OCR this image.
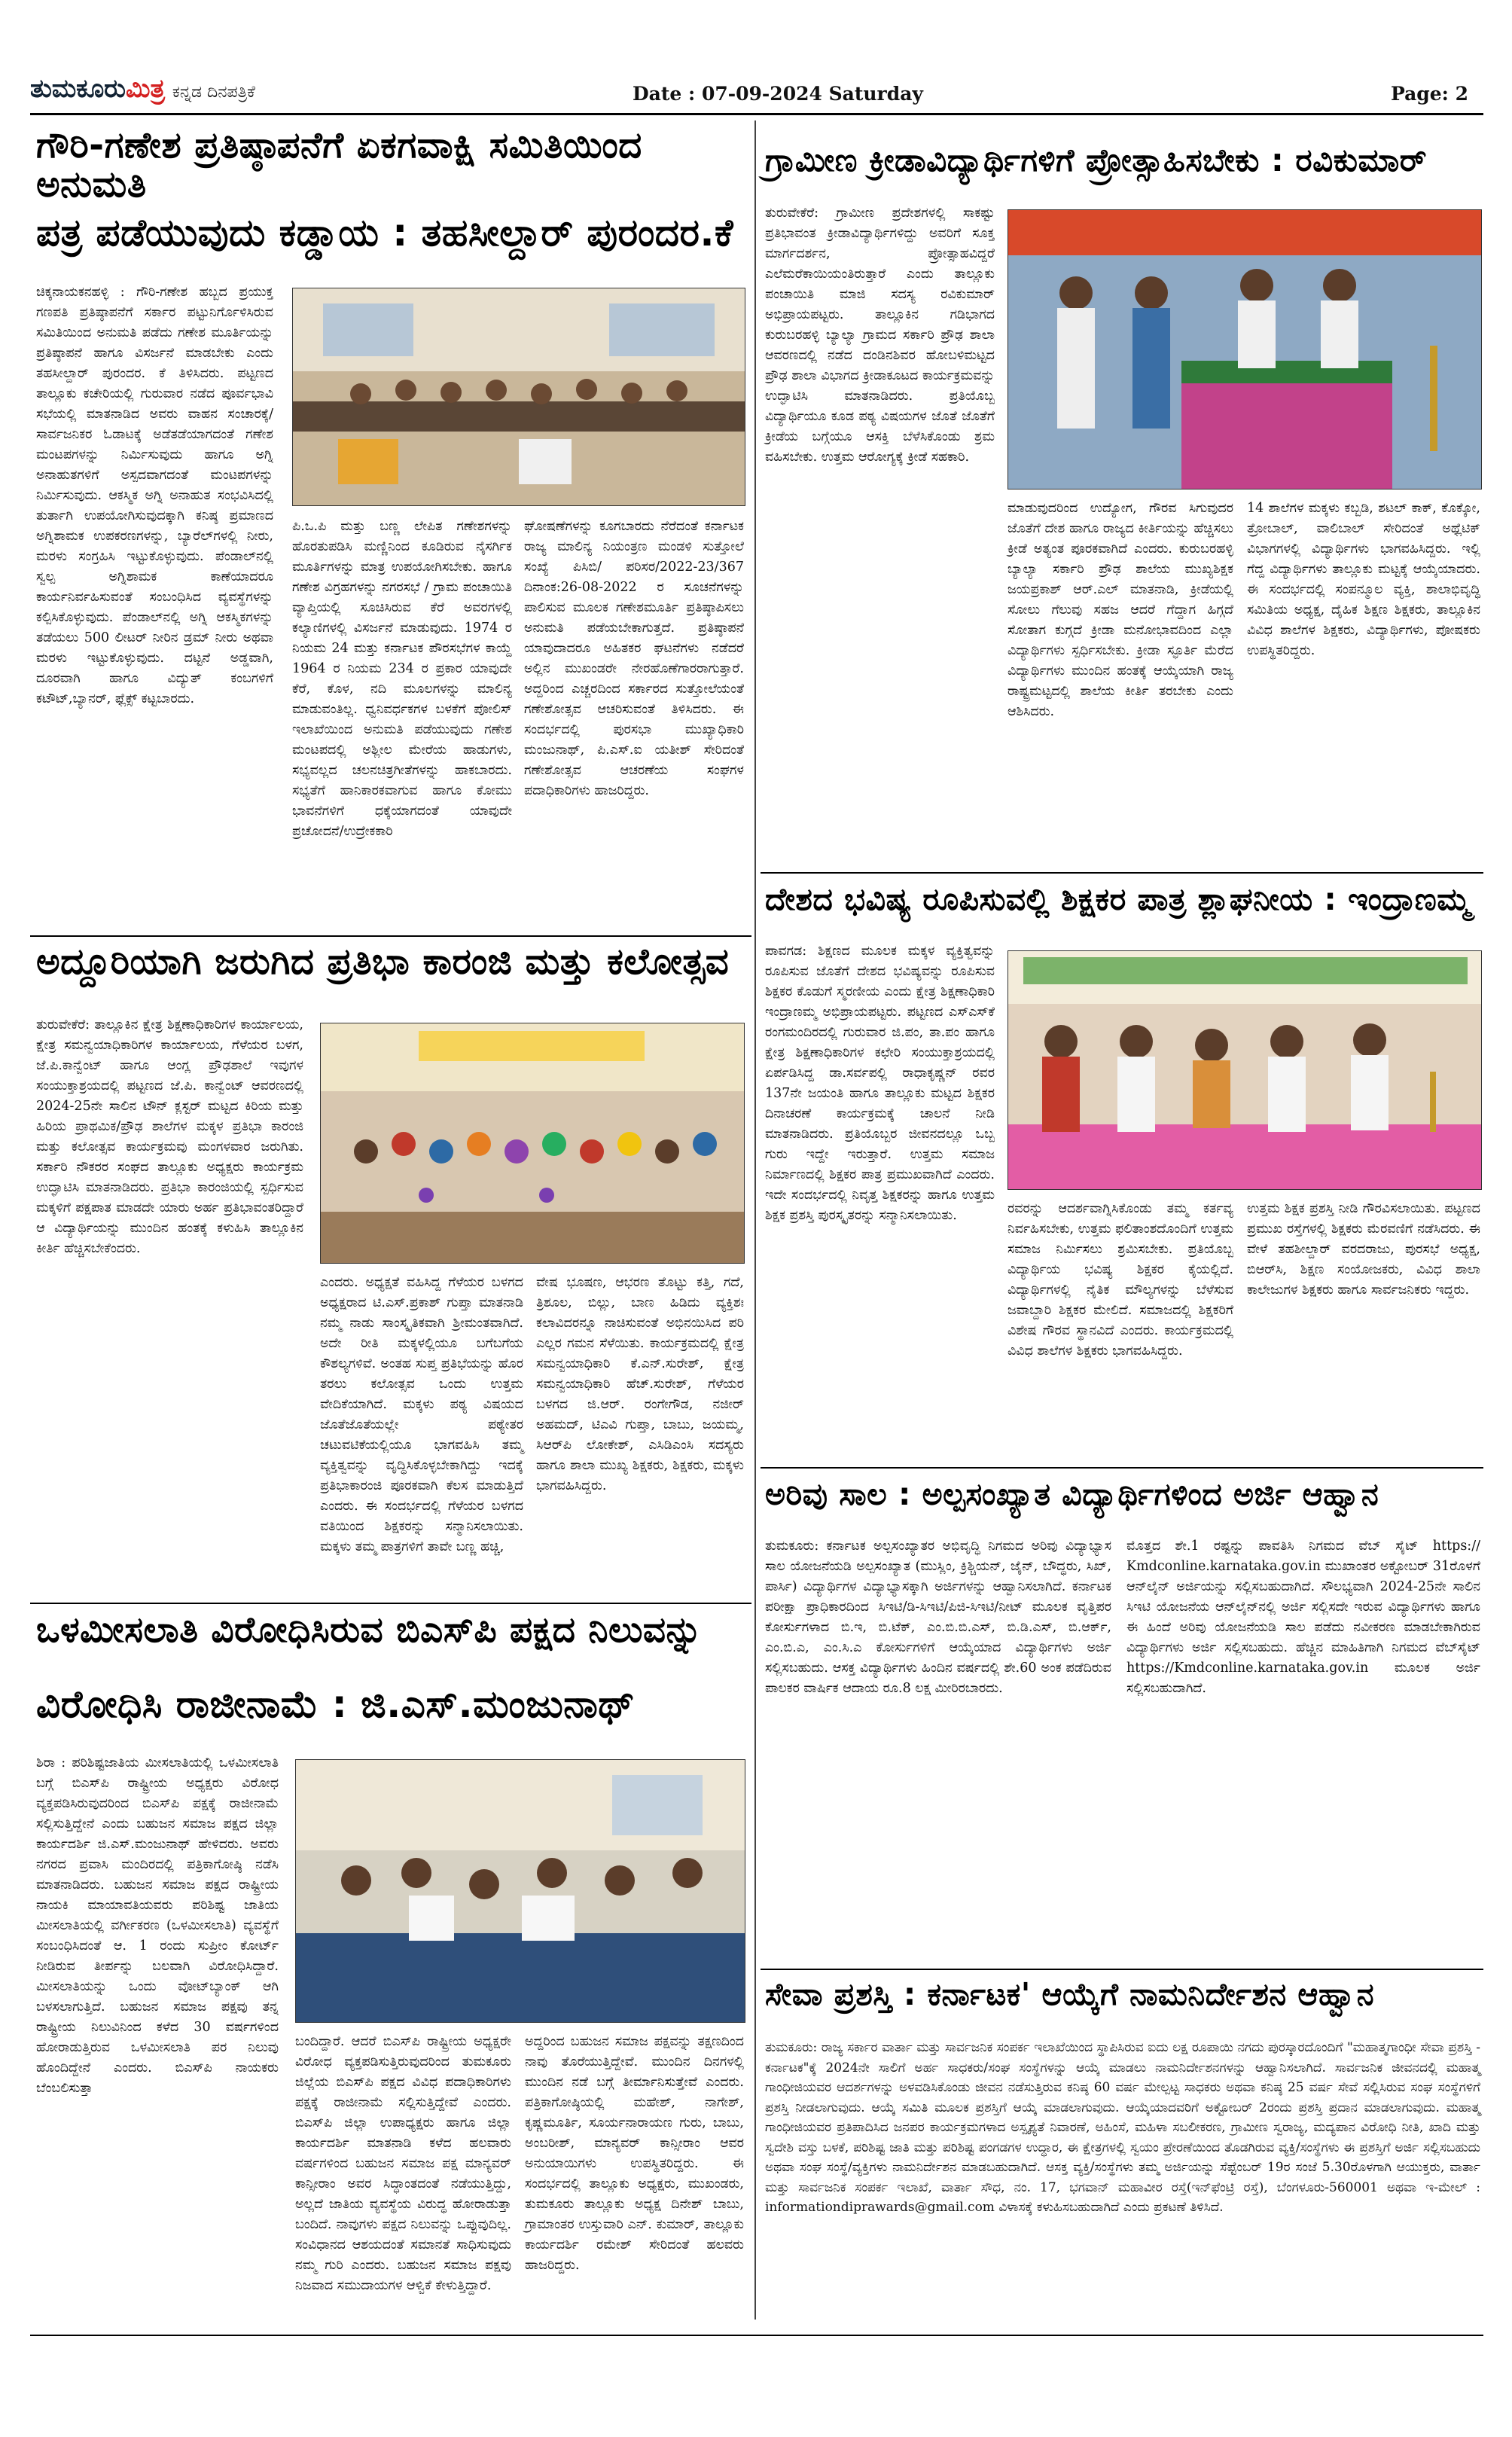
ತುಮಕೂರುಮಿತ್ರ ಕನ್ನಡ ದಿನಪತ್ರಿಕೆ	Date : 07-09-2024 Saturday	Page: 2
ಗೌರಿ-ಗಣೇಶ ಪ್ರತಿಷ್ಠಾಪನೆಗೆ ಏಕಗವಾಕ್ಷಿ ಸಮಿತಿಯಿಂದ ಅನುಮತಿ
ಪತ್ರ ಪಡೆಯುವುದು ಕಡ್ಡಾಯ : ತಹಸೀಲ್ದಾರ್ ಪುರಂದರ.ಕೆ
ಚಿಕ್ಕನಾಯಕನಹಳ್ಳಿ : ಗೌರಿ-ಗಣೇಶ ಹಬ್ಬದ ಪ್ರಯುಕ್ತ ಗಣಪತಿ ಪ್ರತಿಷ್ಠಾಪನೆಗೆ ಸರ್ಕಾರ ಪಟ್ಟುನಿರ್ಗೊಳಿಸಿರುವ ಸಮಿತಿಯಿಂದ ಅನುಮತಿ ಪಡೆದು ಗಣೇಶ ಮೂರ್ತಿಯನ್ನು ಪ್ರತಿಷ್ಠಾಪನೆ ಹಾಗೂ ವಿಸರ್ಜನೆ ಮಾಡಬೇಕು ಎಂದು ತಹಸೀಲ್ದಾರ್ ಪುರಂದರ. ಕೆ ತಿಳಿಸಿದರು. ಪಟ್ಟಣದ ತಾಲ್ಲೂಕು ಕಚೇರಿಯಲ್ಲಿ ಗುರುವಾರ ನಡೆದ ಪೂರ್ವಭಾವಿ ಸಭೆಯಲ್ಲಿ ಮಾತನಾಡಿದ ಅವರು ವಾಹನ ಸಂಚಾರಕ್ಕೆ/ಸಾರ್ವಜನಿಕರ ಓಡಾಟಕ್ಕೆ ಅಡೆತಡೆಯಾಗದಂತೆ ಗಣೇಶ ಮಂಟಪಗಳನ್ನು ನಿರ್ಮಿಸುವುದು ಹಾಗೂ ಅಗ್ನಿ ಅನಾಹುತಗಳಿಗೆ ಅಸ್ಪದವಾಗದಂತೆ ಮಂಟಪಗಳನ್ನು ನಿರ್ಮಿಸುವುದು. ಆಕಸ್ಮಿಕ ಅಗ್ನಿ ಅನಾಹುತ ಸಂಭವಿಸಿದಲ್ಲಿ ತುರ್ತಾಗಿ ಉಪಯೋಗಿಸುವುದಕ್ಕಾಗಿ ಕನಿಷ್ಠ ಪ್ರಮಾಣದ ಅಗ್ನಿಶಾಮಕ ಉಪಕರಣಗಳನ್ನು, ಬ್ಯಾರೆಲ್‌ಗಳಲ್ಲಿ ನೀರು, ಮರಳು ಸಂಗ್ರಹಿಸಿ ಇಟ್ಟುಕೊಳ್ಳುವುದು. ಪೆಂಡಾಲ್‌ನಲ್ಲಿ ಸ್ವಲ್ಪ ಅಗ್ನಿಶಾಮಕ ಕಾಣೆಯಾದರೂ ಕಾರ್ಯನಿರ್ವಹಿಸುವಂತೆ ಸಂಬಂಧಿಸಿದ ವ್ಯವಸ್ಥೆಗಳನ್ನು ಕಲ್ಪಿಸಿಕೊಳ್ಳುವುದು. ಪೆಂಡಾಲ್‌ನಲ್ಲಿ ಅಗ್ನಿ ಆಕಸ್ಮಿಕಗಳನ್ನು ತಡೆಯಲು 500 ಲೀಟರ್ ನೀರಿನ ಡ್ರಮ್ ನೀರು ಅಥವಾ ಮರಳು ಇಟ್ಟುಕೊಳ್ಳುವುದು. ದಟ್ಟನೆ ಅಡ್ಡವಾಗಿ, ದೂರವಾಗಿ ಹಾಗೂ ವಿದ್ಯುತ್ ಕಂಬಗಳಿಗೆ ಕಟೌಟ್,ಬ್ಯಾನರ್, ಫ್ಲೆಕ್ಸ್ ಕಟ್ಟಬಾರದು.
ಪಿ.ಒ.ಪಿ ಮತ್ತು ಬಣ್ಣ ಲೇಪಿತ ಗಣೇಶಗಳನ್ನು ಹೊರತುಪಡಿಸಿ ಮಣ್ಣಿನಿಂದ ಕೂಡಿರುವ ನೈಸರ್ಗಿಕ ಮೂರ್ತಿಗಳನ್ನು ಮಾತ್ರ ಉಪಯೋಗಿಸಬೇಕು. ಹಾಗೂ ಗಣೇಶ ವಿಗ್ರಹಗಳನ್ನು ನಗರಸಭೆ / ಗ್ರಾಮ ಪಂಚಾಯಿತಿ ವ್ಯಾಪ್ತಿಯಲ್ಲಿ ಸೂಚಿಸಿರುವ ಕೆರೆ ಅವರಗಳಲ್ಲಿ ಕಲ್ಯಾಣಿಗಳಲ್ಲಿ ವಿಸರ್ಜನೆ ಮಾಡುವುದು. 1974 ರ ನಿಯಮ 24 ಮತ್ತು ಕರ್ನಾಟಕ ಪೌರಸಭೆಗಳ ಕಾಯ್ದೆ 1964 ರ ನಿಯಮ 234 ರ ಪ್ರಕಾರ ಯಾವುದೇ ಕೆರೆ, ಕೊಳ, ನದಿ ಮೂಲಗಳನ್ನು ಮಾಲಿನ್ಯ ಮಾಡುವಂತಿಲ್ಲ. ಧ್ವನಿವರ್ಧಕಗಳ ಬಳಕೆಗೆ ಪೋಲಿಸ್ ಇಲಾಖೆಯಿಂದ ಅನುಮತಿ ಪಡೆಯುವುದು ಗಣೇಶ ಮಂಟಪದಲ್ಲಿ ಅಶ್ಲೀಲ ಮೇರೆಯ ಹಾಡುಗಳು, ಸಭ್ಯವಲ್ಲದ ಚಲನಚಿತ್ರಗೀತೆಗಳನ್ನು ಹಾಕಬಾರದು. ಸಭ್ಯತೆಗೆ ಹಾನಿಕಾರಕವಾಗುವ ಹಾಗೂ ಕೋಮು ಭಾವನೆಗಳಿಗೆ ಧಕ್ಕೆಯಾಗದಂತೆ ಯಾವುದೇ ಪ್ರಚೋದನೆ/ಉದ್ರೇಕಕಾರಿ
ಘೋಷಣೆಗಳನ್ನು ಕೂಗಬಾರದು ನೆರೆದಂತೆ ಕರ್ನಾಟಕ ರಾಜ್ಯ ಮಾಲಿನ್ಯ ನಿಯಂತ್ರಣ ಮಂಡಳಿ ಸುತ್ತೋಲೆ ಸಂಖ್ಯೆ ಪಿಸಿಬಿ/ ಪರಿಸರ/2022-23/367 ದಿನಾಂಕ:26-08-2022 ರ ಸೂಚನೆಗಳನ್ನು ಪಾಲಿಸುವ ಮೂಲಕ ಗಣೇಶಮೂರ್ತಿ ಪ್ರತಿಷ್ಠಾಪಿಸಲು ಅನುಮತಿ ಪಡೆಯಬೇಕಾಗುತ್ತದೆ. ಪ್ರತಿಷ್ಠಾಪನೆ ಯಾವುದಾದರೂ ಅಹಿತಕರ ಘಟನೆಗಳು ನಡೆದರೆ ಅಲ್ಲಿನ ಮುಖಂಡರೇ ನೇರಹೊಣೆಗಾರರಾಗುತ್ತಾರೆ. ಅದ್ದರಿಂದ ಎಚ್ಚರದಿಂದ ಸರ್ಕಾರದ ಸುತ್ತೋಲೆಯಂತೆ ಗಣೇಶೋತ್ಸವ ಆಚರಿಸುವಂತೆ ತಿಳಿಸಿದರು. ಈ ಸಂದರ್ಭದಲ್ಲಿ ಪುರಸಭಾ ಮುಖ್ಯಾಧಿಕಾರಿ ಮಂಜುನಾಥ್, ಪಿ.ಎಸ್.ಐ ಯತೀಶ್ ಸೇರಿದಂತೆ ಗಣೇಶೋತ್ಸವ ಆಚರಣೆಯ ಸಂಘಗಳ ಪದಾಧಿಕಾರಿಗಳು ಹಾಜರಿದ್ದರು.
ಅದ್ದೂರಿಯಾಗಿ ಜರುಗಿದ ಪ್ರತಿಭಾ ಕಾರಂಜಿ ಮತ್ತು ಕಲೋತ್ಸವ
ತುರುವೇಕೆರೆ: ತಾಲ್ಲೂಕಿನ ಕ್ಷೇತ್ರ ಶಿಕ್ಷಣಾಧಿಕಾರಿಗಳ ಕಾರ್ಯಾಲಯ, ಕ್ಷೇತ್ರ ಸಮನ್ವಯಾಧಿಕಾರಿಗಳ ಕಾರ್ಯಾಲಯ, ಗೆಳೆಯರ ಬಳಗ, ಜೆ.ಪಿ.ಕಾನ್ವೆಂಟ್ ಹಾಗೂ ಆಂಗ್ಲ ಪ್ರೌಢಶಾಲೆ ಇವುಗಳ ಸಂಯುಕ್ತಾಶ್ರಯದಲ್ಲಿ ಪಟ್ಟಣದ ಜೆ.ಪಿ. ಕಾನ್ವೆಂಟ್ ಆವರಣದಲ್ಲಿ 2024-25ನೇ ಸಾಲಿನ ಟೌನ್ ಕ್ಲಸ್ಟರ್ ಮಟ್ಟದ ಕಿರಿಯ ಮತ್ತು ಹಿರಿಯ ಪ್ರಾಥಮಿಕ/ಪ್ರೌಢ ಶಾಲೆಗಳ ಮಕ್ಕಳ ಪ್ರತಿಭಾ ಕಾರಂಜಿ ಮತ್ತು ಕಲೋತ್ಸವ ಕಾರ್ಯಕ್ರಮವು ಮಂಗಳವಾರ ಜರುಗಿತು. ಸರ್ಕಾರಿ ನೌಕರರ ಸಂಘದ ತಾಲ್ಲೂಕು ಅಧ್ಯಕ್ಷರು ಕಾರ್ಯಕ್ರಮ ಉದ್ಘಾಟಿಸಿ ಮಾತನಾಡಿದರು. ಪ್ರತಿಭಾ ಕಾರಂಜಿಯಲ್ಲಿ ಸ್ಪರ್ಧಿಸುವ ಮಕ್ಕಳಿಗೆ ಪಕ್ಷಪಾತ ಮಾಡದೇ ಯಾರು ಅರ್ಹ ಪ್ರತಿಭಾವಂತರಿದ್ದಾರೆ ಆ ವಿದ್ಯಾರ್ಥಿಯನ್ನು ಮುಂದಿನ ಹಂತಕ್ಕೆ ಕಳುಹಿಸಿ ತಾಲ್ಲೂಕಿನ ಕೀರ್ತಿ ಹೆಚ್ಚಿಸಬೇಕೆಂದರು.
ಎಂದರು. ಅಧ್ಯಕ್ಷತೆ ವಹಿಸಿದ್ದ ಗೆಳೆಯರ ಬಳಗದ ಅಧ್ಯಕ್ಷರಾದ ಟಿ.ಎಸ್.ಪ್ರಕಾಶ್ ಗುಪ್ತಾ ಮಾತನಾಡಿ ನಮ್ಮ ನಾಡು ಸಾಂಸ್ಕೃತಿಕವಾಗಿ ಶ್ರೀಮಂತವಾಗಿದೆ. ಅದೇ ರೀತಿ ಮಕ್ಕಳಲ್ಲಿಯೂ ಬಗೆಬಗೆಯ ಕೌಶಲ್ಯಗಳಿವೆ. ಅಂತಹ ಸುಪ್ತ ಪ್ರತಿಭೆಯನ್ನು ಹೊರ ತರಲು ಕಲೋತ್ಸವ ಒಂದು ಉತ್ತಮ ವೇದಿಕೆಯಾಗಿದೆ. ಮಕ್ಕಳು ಪಠ್ಯ ವಿಷಯದ ಜೊತೆಜೊತೆಯಲ್ಲೇ ಪಠ್ಯೇತರ ಚಟುವಟಿಕೆಯಲ್ಲಿಯೂ ಭಾಗವಹಿಸಿ ತಮ್ಮ ವ್ಯಕ್ತಿತ್ವವನ್ನು ವೃದ್ಧಿಸಿಕೊಳ್ಳಬೇಕಾಗಿದ್ದು ಇದಕ್ಕೆ ಪ್ರತಿಭಾಕಾರಂಜಿ ಪೂರಕವಾಗಿ ಕೆಲಸ ಮಾಡುತ್ತಿದೆ ಎಂದರು. ಈ ಸಂದರ್ಭದಲ್ಲಿ ಗೆಳೆಯರ ಬಳಗದ ವತಿಯಿಂದ ಶಿಕ್ಷಕರನ್ನು ಸನ್ಮಾನಿಸಲಾಯಿತು. ಮಕ್ಕಳು ತಮ್ಮ ಪಾತ್ರಗಳಿಗೆ ತಾವೇ ಬಣ್ಣ ಹಚ್ಚಿ,
ವೇಷ ಭೂಷಣ, ಆಭರಣ ತೊಟ್ಟು ಕತ್ತಿ, ಗದೆ, ತ್ರಿಶೂಲ, ಬಿಲ್ಲು, ಬಾಣ ಹಿಡಿದು ವ್ಯಕ್ತಿಶಃ ಕಲಾವಿದರನ್ನೂ ನಾಚಿಸುವಂತೆ ಅಭಿನಯಿಸಿದ ಪರಿ ಎಲ್ಲರ ಗಮನ ಸೆಳೆಯಿತು. ಕಾರ್ಯಕ್ರಮದಲ್ಲಿ ಕ್ಷೇತ್ರ ಸಮನ್ವಯಾಧಿಕಾರಿ ಕೆ.ಎನ್.ಸುರೇಶ್, ಕ್ಷೇತ್ರ ಸಮನ್ವಯಾಧಿಕಾರಿ ಹೆಚ್.ಸುರೇಶ್, ಗೆಳೆಯರ ಬಳಗದ ಜಿ.ಆರ್. ರಂಗೇಗೌಡ, ನಜೀರ್ ಅಹಮದ್, ಟಿಎವಿ ಗುಪ್ತಾ, ಬಾಬು, ಜಯಮ್ಮ, ಸಿಆರ್‌ಪಿ ಲೋಕೇಶ್, ಎಸಿಡಿಎಂಸಿ ಸದಸ್ಯರು ಹಾಗೂ ಶಾಲಾ ಮುಖ್ಯ ಶಿಕ್ಷಕರು, ಶಿಕ್ಷಕರು, ಮಕ್ಕಳು ಭಾಗವಹಿಸಿದ್ದರು.
ಒಳಮೀಸಲಾತಿ ವಿರೋಧಿಸಿರುವ ಬಿಎಸ್‌ಪಿ ಪಕ್ಷದ ನಿಲುವನ್ನು
ವಿರೋಧಿಸಿ ರಾಜೀನಾಮೆ : ಜಿ.ಎಸ್.ಮಂಜುನಾಥ್
ಶಿರಾ : ಪರಿಶಿಷ್ಟಜಾತಿಯ ಮೀಸಲಾತಿಯಲ್ಲಿ ಒಳಮೀಸಲಾತಿ ಬಗ್ಗೆ ಬಿಎಸ್‌ಪಿ ರಾಷ್ಟ್ರೀಯ ಅಧ್ಯಕ್ಷರು ವಿರೋಧ ವ್ಯಕ್ತಪಡಿಸಿರುವುದರಿಂದ ಬಿಎಸ್‌ಪಿ ಪಕ್ಷಕ್ಕೆ ರಾಜೀನಾಮೆ ಸಲ್ಲಿಸುತ್ತಿದ್ದೇನೆ ಎಂದು ಬಹುಜನ ಸಮಾಜ ಪಕ್ಷದ ಜಿಲ್ಲಾ ಕಾರ್ಯದರ್ಶಿ ಜಿ.ಎಸ್.ಮಂಜುನಾಥ್ ಹೇಳಿದರು. ಅವರು ನಗರದ ಪ್ರವಾಸಿ ಮಂದಿರದಲ್ಲಿ ಪತ್ರಿಕಾಗೋಷ್ಠಿ ನಡೆಸಿ ಮಾತನಾಡಿದರು. ಬಹುಜನ ಸಮಾಜ ಪಕ್ಷದ ರಾಷ್ಟ್ರೀಯ ನಾಯಕಿ ಮಾಯಾವತಿಯವರು ಪರಿಶಿಷ್ಟ ಜಾತಿಯ ಮೀಸಲಾತಿಯಲ್ಲಿ ವರ್ಗೀಕರಣ (ಒಳಮೀಸಲಾತಿ) ವ್ಯವಸ್ಥೆಗೆ ಸಂಬಂಧಿಸಿದಂತೆ ಆ. 1 ರಂದು ಸುಪ್ರೀಂ ಕೋರ್ಟ್ ನೀಡಿರುವ ತೀರ್ಪನ್ನು ಬಲವಾಗಿ ವಿರೋಧಿಸಿದ್ದಾರೆ. ಮೀಸಲಾತಿಯನ್ನು ಒಂದು ವೋಟ್‌ಬ್ಯಾಂಕ್ ಆಗಿ ಬಳಸಲಾಗುತ್ತಿದೆ. ಬಹುಜನ ಸಮಾಜ ಪಕ್ಷವು ತನ್ನ ರಾಷ್ಟ್ರೀಯ ನಿಲುವಿನಿಂದ ಕಳೆದ 30 ವರ್ಷಗಳಿಂದ ಹೋರಾಡುತ್ತಿರುವ ಒಳಮೀಸಲಾತಿ ಪರ ನಿಲುವು ಹೊಂದಿದ್ದೇನೆ ಎಂದರು. ಬಿಎಸ್‌ಪಿ ನಾಯಕರು ಬೆಂಬಲಿಸುತ್ತಾ
ಬಂದಿದ್ದಾರೆ. ಆದರೆ ಬಿಎಸ್‌ಪಿ ರಾಷ್ಟ್ರೀಯ ಅಧ್ಯಕ್ಷರೇ ವಿರೋಧ ವ್ಯಕ್ತಪಡಿಸುತ್ತಿರುವುದರಿಂದ ತುಮಕೂರು ಜಿಲ್ಲೆಯ ಬಿಎಸ್‌ಪಿ ಪಕ್ಷದ ವಿವಿಧ ಪದಾಧಿಕಾರಿಗಳು ಪಕ್ಷಕ್ಕೆ ರಾಜೀನಾಮೆ ಸಲ್ಲಿಸುತ್ತಿದ್ದೇವೆ ಎಂದರು. ಬಿಎಸ್‌ಪಿ ಜಿಲ್ಲಾ ಉಪಾಧ್ಯಕ್ಷರು ಹಾಗೂ ಜಿಲ್ಲಾ ಕಾರ್ಯದರ್ಶಿ ಮಾತನಾಡಿ ಕಳೆದ ಹಲವಾರು ವರ್ಷಗಳಿಂದ ಬಹುಜನ ಸಮಾಜ ಪಕ್ಷ ಮಾನ್ಯವರ್ ಕಾನ್ಸೀರಾಂ ಅವರ ಸಿದ್ಧಾಂತದಂತೆ ನಡೆಯುತ್ತಿದ್ದು, ಅಲ್ಲದೆ ಜಾತಿಯ ವ್ಯವಸ್ಥೆಯ ವಿರುದ್ಧ ಹೋರಾಡುತ್ತಾ ಬಂದಿದೆ. ನಾವುಗಳು ಪಕ್ಷದ ನಿಲುವನ್ನು ಒಪ್ಪುವುದಿಲ್ಲ. ಸಂವಿಧಾನದ ಆಶಯದಂತೆ ಸಮಾನತೆ ಸಾಧಿಸುವುದು ನಮ್ಮ ಗುರಿ ಎಂದರು. ಬಹುಜನ ಸಮಾಜ ಪಕ್ಷವು ನಿಜವಾದ ಸಮುದಾಯಗಳ ಆಳ್ವಿಕೆ ಕೇಳುತ್ತಿದ್ದಾರೆ.
ಅದ್ದರಿಂದ ಬಹುಜನ ಸಮಾಜ ಪಕ್ಷವನ್ನು ತಕ್ಷಣದಿಂದ ನಾವು ತೊರೆಯುತ್ತಿದ್ದೇವೆ. ಮುಂದಿನ ದಿನಗಳಲ್ಲಿ ಮುಂದಿನ ನಡೆ ಬಗ್ಗೆ ತೀರ್ಮಾನಿಸುತ್ತೇವೆ ಎಂದರು. ಪತ್ರಿಕಾಗೋಷ್ಠಿಯಲ್ಲಿ ಮಹೇಶ್, ನಾಗೇಶ್, ಕೃಷ್ಣಮೂರ್ತಿ, ಸೂರ್ಯನಾರಾಯಣ ಗುರು, ಬಾಬು, ಅಂಬರೀಶ್, ಮಾನ್ಯವರ್ ಕಾನ್ಸೀರಾಂ ಆವರ ಅನುಯಾಯಿಗಳು ಉಪಸ್ಥಿತರಿದ್ದರು. ಈ ಸಂದರ್ಭದಲ್ಲಿ ತಾಲ್ಲೂಕು ಅಧ್ಯಕ್ಷರು, ಮುಖಂಡರು, ತುಮಕೂರು ತಾಲ್ಲೂಕು ಅಧ್ಯಕ್ಷ ದಿನೇಶ್ ಬಾಬು, ಗ್ರಾಮಾಂತರ ಉಸ್ತುವಾರಿ ಎನ್. ಕುಮಾರ್, ತಾಲ್ಲೂಕು ಕಾರ್ಯದರ್ಶಿ ರಮೇಶ್ ಸೇರಿದಂತೆ ಹಲವರು ಹಾಜರಿದ್ದರು.
ಗ್ರಾಮೀಣ ಕ್ರೀಡಾವಿದ್ಯಾರ್ಥಿಗಳಿಗೆ ಪ್ರೋತ್ಸಾಹಿಸಬೇಕು : ರವಿಕುಮಾರ್
ತುರುವೇಕೆರೆ: ಗ್ರಾಮೀಣ ಪ್ರದೇಶಗಳಲ್ಲಿ ಸಾಕಷ್ಟು ಪ್ರತಿಭಾವಂತ ಕ್ರೀಡಾವಿದ್ಯಾರ್ಥಿಗಳಿದ್ದು ಅವರಿಗೆ ಸೂಕ್ತ ಮಾರ್ಗದರ್ಶನ, ಪ್ರೋತ್ಸಾಹವಿದ್ದರೆ ಎಲೆಮರೆಕಾಯಿಯಂತಿರುತ್ತಾರೆ ಎಂದು ತಾಲ್ಲೂಕು ಪಂಚಾಯಿತಿ ಮಾಜಿ ಸದಸ್ಯ ರವಿಕುಮಾರ್ ಅಭಿಪ್ರಾಯಪಟ್ಟರು. ತಾಲ್ಲೂಕಿನ ಗಡಿಭಾಗದ ಕುರುಬರಹಳ್ಳಿ ಬ್ಯಾಲ್ಯಾ ಗ್ರಾಮದ ಸರ್ಕಾರಿ ಪ್ರೌಢ ಶಾಲಾ ಆವರಣದಲ್ಲಿ ನಡೆದ ದಂಡಿನಶಿವರ ಹೋಬಳಿಮಟ್ಟದ ಪ್ರೌಢ ಶಾಲಾ ವಿಭಾಗದ ಕ್ರೀಡಾಕೂಟದ ಕಾರ್ಯಕ್ರಮವನ್ನು ಉದ್ಘಾಟಿಸಿ ಮಾತನಾಡಿದರು. ಪ್ರತಿಯೊಬ್ಬ ವಿದ್ಯಾರ್ಥಿಯೂ ಕೂಡ ಪಠ್ಯ ವಿಷಯಗಳ ಜೊತೆ ಜೊತೆಗೆ ಕ್ರೀಡೆಯ ಬಗ್ಗೆಯೂ ಆಸಕ್ತಿ ಬೆಳೆಸಿಕೊಂಡು ಶ್ರಮ ವಹಿಸಬೇಕು. ಉತ್ತಮ ಆರೋಗ್ಯಕ್ಕೆ ಕ್ರೀಡೆ ಸಹಕಾರಿ.
ಮಾಡುವುದರಿಂದ ಉದ್ಯೋಗ, ಗೌರವ ಸಿಗುವುದರ ಜೊತೆಗೆ ದೇಶ ಹಾಗೂ ರಾಜ್ಯದ ಕೀರ್ತಿಯನ್ನು ಹೆಚ್ಚಿಸಲು ಕ್ರೀಡೆ ಅತ್ಯಂತ ಪೂರಕವಾಗಿದೆ ಎಂದರು. ಕುರುಬರಹಳ್ಳಿ ಬ್ಯಾಲ್ಯಾ ಸರ್ಕಾರಿ ಪ್ರೌಢ ಶಾಲೆಯ ಮುಖ್ಯಶಿಕ್ಷಕ ಜಯಪ್ರಕಾಶ್ ಆರ್.ಎಲ್ ಮಾತನಾಡಿ, ಕ್ರೀಡೆಯಲ್ಲಿ ಸೋಲು ಗೆಲುವು ಸಹಜ ಆದರೆ ಗೆದ್ದಾಗ ಹಿಗ್ಗದೆ ಸೋತಾಗ ಕುಗ್ಗದೆ ಕ್ರೀಡಾ ಮನೋಭಾವದಿಂದ ಎಲ್ಲಾ ವಿದ್ಯಾರ್ಥಿಗಳು ಸ್ಪರ್ಧಿಸಬೇಕು. ಕ್ರೀಡಾ ಸ್ಫೂರ್ತಿ ಮೆರೆದ ವಿದ್ಯಾರ್ಥಿಗಳು ಮುಂದಿನ ಹಂತಕ್ಕೆ ಆಯ್ಕೆಯಾಗಿ ರಾಜ್ಯ ರಾಷ್ಟ್ರಮಟ್ಟದಲ್ಲಿ ಶಾಲೆಯ ಕೀರ್ತಿ ತರಬೇಕು ಎಂದು ಆಶಿಸಿದರು.
14 ಶಾಲೆಗಳ ಮಕ್ಕಳು ಕಬ್ಬಡಿ, ಶಟಲ್ ಕಾಕ್, ಕೊಕ್ಕೋ, ತ್ರೋಬಾಲ್, ವಾಲಿಬಾಲ್ ಸೇರಿದಂತೆ ಅಥ್ಲೆಟಿಕ್ ವಿಭಾಗಗಳಲ್ಲಿ ವಿದ್ಯಾರ್ಥಿಗಳು ಭಾಗವಹಿಸಿದ್ದರು. ಇಲ್ಲಿ ಗೆದ್ದ ವಿದ್ಯಾರ್ಥಿಗಳು ತಾಲ್ಲೂಕು ಮಟ್ಟಕ್ಕೆ ಆಯ್ಕೆಯಾದರು. ಈ ಸಂದರ್ಭದಲ್ಲಿ ಸಂಪನ್ಮೂಲ ವ್ಯಕ್ತಿ, ಶಾಲಾಭಿವೃದ್ಧಿ ಸಮಿತಿಯ ಅಧ್ಯಕ್ಷ, ದೈಹಿಕ ಶಿಕ್ಷಣ ಶಿಕ್ಷಕರು, ತಾಲ್ಲೂಕಿನ ವಿವಿಧ ಶಾಲೆಗಳ ಶಿಕ್ಷಕರು, ವಿದ್ಯಾರ್ಥಿಗಳು, ಪೋಷಕರು ಉಪಸ್ಥಿತರಿದ್ದರು.
ದೇಶದ ಭವಿಷ್ಯ ರೂಪಿಸುವಲ್ಲಿ ಶಿಕ್ಷಕರ ಪಾತ್ರ ಶ್ಲಾಘನೀಯ : ಇಂದ್ರಾಣಮ್ಮ
ಪಾವಗಡ: ಶಿಕ್ಷಣದ ಮೂಲಕ ಮಕ್ಕಳ ವ್ಯಕ್ತಿತ್ವವನ್ನು ರೂಪಿಸುವ ಜೊತೆಗೆ ದೇಶದ ಭವಿಷ್ಯವನ್ನು ರೂಪಿಸುವ ಶಿಕ್ಷಕರ ಕೊಡುಗೆ ಸ್ಮರಣೀಯ ಎಂದು ಕ್ಷೇತ್ರ ಶಿಕ್ಷಣಾಧಿಕಾರಿ ಇಂದ್ರಾಣಮ್ಮ ಅಭಿಪ್ರಾಯಪಟ್ಟರು. ಪಟ್ಟಣದ ಎಸ್‌ಎಸ್‌ಕೆ ರಂಗಮಂದಿರದಲ್ಲಿ ಗುರುವಾರ ಜಿ.ಪಂ, ತಾ.ಪಂ ಹಾಗೂ ಕ್ಷೇತ್ರ ಶಿಕ್ಷಣಾಧಿಕಾರಿಗಳ ಕಛೇರಿ ಸಂಯುಕ್ತಾಶ್ರಯದಲ್ಲಿ ಏರ್ಪಡಿಸಿದ್ದ ಡಾ.ಸರ್ವಪಲ್ಲಿ ರಾಧಾಕೃಷ್ಣನ್ ರವರ 137ನೇ ಜಯಂತಿ ಹಾಗೂ ತಾಲ್ಲೂಕು ಮಟ್ಟದ ಶಿಕ್ಷಕರ ದಿನಾಚರಣೆ ಕಾರ್ಯಕ್ರಮಕ್ಕೆ ಚಾಲನೆ ನೀಡಿ ಮಾತನಾಡಿದರು. ಪ್ರತಿಯೊಬ್ಬರ ಜೀವನದಲ್ಲೂ ಒಬ್ಬ ಗುರು ಇದ್ದೇ ಇರುತ್ತಾರೆ. ಉತ್ತಮ ಸಮಾಜ ನಿರ್ಮಾಣದಲ್ಲಿ ಶಿಕ್ಷಕರ ಪಾತ್ರ ಪ್ರಮುಖವಾಗಿದೆ ಎಂದರು. ಇದೇ ಸಂದರ್ಭದಲ್ಲಿ ನಿವೃತ್ತ ಶಿಕ್ಷಕರನ್ನು ಹಾಗೂ ಉತ್ತಮ ಶಿಕ್ಷಕ ಪ್ರಶಸ್ತಿ ಪುರಸ್ಕೃತರನ್ನು ಸನ್ಮಾನಿಸಲಾಯಿತು.	ರವರನ್ನು ಆದರ್ಶವಾಗ್ನಿಸಿಕೊಂಡು ತಮ್ಮ ಕರ್ತವ್ಯ ನಿರ್ವಹಿಸಬೇಕು, ಉತ್ತಮ ಫಲಿತಾಂಶದೊಂದಿಗೆ ಉತ್ತಮ ಸಮಾಜ ನಿರ್ಮಿಸಲು ಶ್ರಮಿಸಬೇಕು. ಪ್ರತಿಯೊಬ್ಬ ವಿದ್ಯಾರ್ಥಿಯ ಭವಿಷ್ಯ ಶಿಕ್ಷಕರ ಕೈಯಲ್ಲಿದೆ. ವಿದ್ಯಾರ್ಥಿಗಳಲ್ಲಿ ನೈತಿಕ ಮೌಲ್ಯಗಳನ್ನು ಬೆಳೆಸುವ ಜವಾಬ್ದಾರಿ ಶಿಕ್ಷಕರ ಮೇಲಿದೆ. ಸಮಾಜದಲ್ಲಿ ಶಿಕ್ಷಕರಿಗೆ ವಿಶೇಷ ಗೌರವ ಸ್ಥಾನವಿದೆ ಎಂದರು. ಕಾರ್ಯಕ್ರಮದಲ್ಲಿ ವಿವಿಧ ಶಾಲೆಗಳ ಶಿಕ್ಷಕರು ಭಾಗವಹಿಸಿದ್ದರು.
ಉತ್ತಮ ಶಿಕ್ಷಕ ಪ್ರಶಸ್ತಿ ನೀಡಿ ಗೌರವಿಸಲಾಯಿತು. ಪಟ್ಟಣದ ಪ್ರಮುಖ ರಸ್ತೆಗಳಲ್ಲಿ ಶಿಕ್ಷಕರು ಮೆರವಣಿಗೆ ನಡೆಸಿದರು. ಈ ವೇಳೆ ತಹಶೀಲ್ದಾರ್ ವರದರಾಜು, ಪುರಸಭೆ ಅಧ್ಯಕ್ಷ, ಬಿಆರ್‌ಸಿ, ಶಿಕ್ಷಣ ಸಂಯೋಜಕರು, ವಿವಿಧ ಶಾಲಾ ಕಾಲೇಜುಗಳ ಶಿಕ್ಷಕರು ಹಾಗೂ ಸಾರ್ವಜನಿಕರು ಇದ್ದರು.
ಅರಿವು ಸಾಲ : ಅಲ್ಪಸಂಖ್ಯಾತ ವಿದ್ಯಾರ್ಥಿಗಳಿಂದ ಅರ್ಜಿ ಆಹ್ವಾನ
ತುಮಕೂರು: ಕರ್ನಾಟಕ ಅಲ್ಪಸಂಖ್ಯಾತರ ಅಭಿವೃದ್ಧಿ ನಿಗಮದ ಅರಿವು ವಿದ್ಯಾಭ್ಯಾಸ ಸಾಲ ಯೋಜನೆಯಡಿ ಅಲ್ಪಸಂಖ್ಯಾತ (ಮುಸ್ಲಿಂ, ಕ್ರಿಶ್ಚಿಯನ್, ಜೈನ್, ಬೌದ್ಧರು, ಸಿಖ್, ಪಾರ್ಸಿ) ವಿದ್ಯಾರ್ಥಿಗಳ ವಿದ್ಯಾಭ್ಯಾಸಕ್ಕಾಗಿ ಅರ್ಜಿಗಳನ್ನು ಆಹ್ವಾನಿಸಲಾಗಿದೆ. ಕರ್ನಾಟಕ ಪರೀಕ್ಷಾ ಪ್ರಾಧಿಕಾರದಿಂದ ಸಿಇಟಿ/ಡಿ-ಸಿಇಟಿ/ಪಿಜಿ-ಸಿಇಟಿ/ನೀಟ್ ಮೂಲಕ ವೃತ್ತಿಪರ ಕೋರ್ಸುಗಳಾದ ಬಿ.ಇ, ಬಿ.ಟೆಕ್, ಎಂ.ಬಿ.ಬಿ.ಎಸ್, ಬಿ.ಡಿ.ಎಸ್, ಬಿ.ಆರ್ಕ್, ಎಂ.ಬಿ.ಎ, ಎಂ.ಸಿ.ಎ ಕೋರ್ಸುಗಳಿಗೆ ಆಯ್ಕೆಯಾದ ವಿದ್ಯಾರ್ಥಿಗಳು ಅರ್ಜಿ ಸಲ್ಲಿಸಬಹುದು. ಆಸಕ್ತ ವಿದ್ಯಾರ್ಥಿಗಳು ಹಿಂದಿನ ವರ್ಷದಲ್ಲಿ ಶೇ.60 ಅಂಕ ಪಡೆದಿರುವ ಪಾಲಕರ ವಾರ್ಷಿಕ ಆದಾಯ ರೂ.8 ಲಕ್ಷ ಮೀರಿರಬಾರದು.
ಮೊತ್ತದ ಶೇ.1 ರಷ್ಟನ್ನು ಪಾವತಿಸಿ ನಿಗಮದ ವೆಬ್ ಸೈಟ್ https:// Kmdconline.karnataka.gov.in ಮುಖಾಂತರ ಅಕ್ಟೋಬರ್ 31ರೊಳಗೆ ಆನ್‌ಲೈನ್ ಅರ್ಜಿಯನ್ನು ಸಲ್ಲಿಸಬಹುದಾಗಿದೆ. ಸೌಲಭ್ಯವಾಗಿ 2024-25ನೇ ಸಾಲಿನ ಸಿಇಟಿ ಯೋಜನೆಯ ಆನ್‌ಲೈನ್‌ನಲ್ಲಿ ಅರ್ಜಿ ಸಲ್ಲಿಸದೇ ಇರುವ ವಿದ್ಯಾರ್ಥಿಗಳು ಹಾಗೂ ಈ ಹಿಂದೆ ಅರಿವು ಯೋಜನೆಯಡಿ ಸಾಲ ಪಡೆದು ನವೀಕರಣ ಮಾಡಬೇಕಾಗಿರುವ ವಿದ್ಯಾರ್ಥಿಗಳು ಅರ್ಜಿ ಸಲ್ಲಿಸಬಹುದು. ಹೆಚ್ಚಿನ ಮಾಹಿತಿಗಾಗಿ ನಿಗಮದ ವೆಬ್‌ಸೈಟ್ https://Kmdconline.karnataka.gov.in ಮೂಲಕ ಅರ್ಜಿ ಸಲ್ಲಿಸಬಹುದಾಗಿದೆ.
ಸೇವಾ ಪ್ರಶಸ್ತಿ : ಕರ್ನಾಟಕ' ಆಯ್ಕೆಗೆ ನಾಮನಿರ್ದೇಶನ ಆಹ್ವಾನ
ತುಮಕೂರು: ರಾಜ್ಯ ಸರ್ಕಾರ ವಾರ್ತಾ ಮತ್ತು ಸಾರ್ವಜನಿಕ ಸಂಪರ್ಕ ಇಲಾಖೆಯಿಂದ ಸ್ಥಾಪಿಸಿರುವ ಐದು ಲಕ್ಷ ರೂಪಾಯಿ ನಗದು ಪುರಸ್ಕಾರದೊಂದಿಗೆ "ಮಹಾತ್ಮಗಾಂಧೀ ಸೇವಾ ಪ್ರಶಸ್ತಿ - ಕರ್ನಾಟಕ"ಕ್ಕೆ 2024ನೇ ಸಾಲಿಗೆ ಅರ್ಹ ಸಾಧಕರು/ಸಂಘ ಸಂಸ್ಥೆಗಳನ್ನು ಆಯ್ಕೆ ಮಾಡಲು ನಾಮನಿರ್ದೇಶನಗಳನ್ನು ಆಹ್ವಾನಿಸಲಾಗಿದೆ. ಸಾರ್ವಜನಿಕ ಜೀವನದಲ್ಲಿ ಮಹಾತ್ಮ ಗಾಂಧೀಜಿಯವರ ಆದರ್ಶಗಳನ್ನು ಅಳವಡಿಸಿಕೊಂಡು ಜೀವನ ನಡೆಸುತ್ತಿರುವ ಕನಿಷ್ಠ 60 ವರ್ಷ ಮೇಲ್ಪಟ್ಟ ಸಾಧಕರು ಅಥವಾ ಕನಿಷ್ಠ 25 ವರ್ಷ ಸೇವೆ ಸಲ್ಲಿಸಿರುವ ಸಂಘ ಸಂಸ್ಥೆಗಳಿಗೆ ಪ್ರಶಸ್ತಿ ನೀಡಲಾಗುವುದು. ಆಯ್ಕೆ ಸಮಿತಿ ಮೂಲಕ ಪ್ರಶಸ್ತಿಗೆ ಆಯ್ಕೆ ಮಾಡಲಾಗುವುದು. ಆಯ್ಕೆಯಾದವರಿಗೆ ಅಕ್ಟೋಬರ್ 2ರಂದು ಪ್ರಶಸ್ತಿ ಪ್ರದಾನ ಮಾಡಲಾಗುವುದು. ಮಹಾತ್ಮ ಗಾಂಧೀಜಿಯವರ ಪ್ರತಿಪಾದಿಸಿದ ಜನಪರ ಕಾರ್ಯಕ್ರಮಗಳಾದ ಅಸ್ಪೃಶ್ಯತೆ ನಿವಾರಣೆ, ಅಹಿಂಸೆ, ಮಹಿಳಾ ಸಬಲೀಕರಣ, ಗ್ರಾಮೀಣ ಸ್ವರಾಜ್ಯ, ಮದ್ಯಪಾನ ವಿರೋಧಿ ನೀತಿ, ಖಾದಿ ಮತ್ತು ಸ್ವದೇಶಿ ವಸ್ತು ಬಳಕೆ, ಪರಿಶಿಷ್ಟ ಜಾತಿ ಮತ್ತು ಪರಿಶಿಷ್ಟ ಪಂಗಡಗಳ ಉದ್ಧಾರ, ಈ ಕ್ಷೇತ್ರಗಳಲ್ಲಿ ಸ್ವಯಂ ಪ್ರೇರಣೆಯಿಂದ ತೊಡಗಿರುವ ವ್ಯಕ್ತಿ/ಸಂಸ್ಥೆಗಳು ಈ ಪ್ರಶಸ್ತಿಗೆ ಅರ್ಜಿ ಸಲ್ಲಿಸಬಹುದು ಅಥವಾ ಸಂಘ ಸಂಸ್ಥೆ/ವ್ಯಕ್ತಿಗಳು ನಾಮನಿರ್ದೇಶನ ಮಾಡಬಹುದಾಗಿದೆ. ಆಸಕ್ತ ವ್ಯಕ್ತಿ/ಸಂಸ್ಥೆಗಳು ತಮ್ಮ ಅರ್ಜಿಯನ್ನು ಸೆಪ್ಟೆಂಬರ್ 19ರ ಸಂಜೆ 5.30ರೊಳಗಾಗಿ ಆಯುಕ್ತರು, ವಾರ್ತಾ ಮತ್ತು ಸಾರ್ವಜನಿಕ ಸಂಪರ್ಕ ಇಲಾಖೆ, ವಾರ್ತಾ ಸೌಧ, ನಂ. 17, ಭಗವಾನ್ ಮಹಾವೀರ ರಸ್ತೆ(ಇನ್‌ಫೆಂಟ್ರಿ ರಸ್ತೆ), ಬೆಂಗಳೂರು-560001 ಅಥವಾ ಇ-ಮೇಲ್ : informationdiprawards@gmail.com ವಿಳಾಸಕ್ಕೆ ಕಳುಹಿಸಬಹುದಾಗಿದೆ ಎಂದು ಪ್ರಕಟಣೆ ತಿಳಿಸಿದೆ.
